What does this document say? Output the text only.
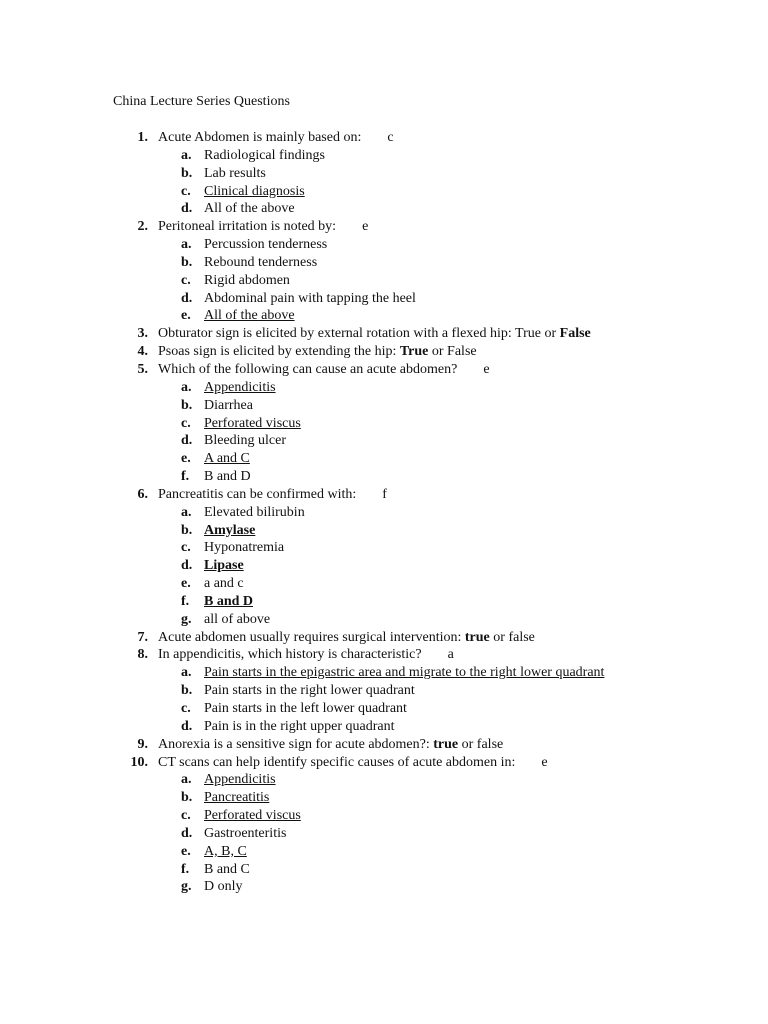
China Lecture Series Questions
1. Acute Abdomen is mainly based on: c
a. Radiological findings
b. Lab results
c. Clinical diagnosis
d. All of the above
2. Peritoneal irritation is noted by: e
a. Percussion tenderness
b. Rebound tenderness
c. Rigid abdomen
d. Abdominal pain with tapping the heel
e. All of the above
3. Obturator sign is elicited by external rotation with a flexed hip: True or False
4. Psoas sign is elicited by extending the hip: True or False
5. Which of the following can cause an acute abdomen? e
a. Appendicitis
b. Diarrhea
c. Perforated viscus
d. Bleeding ulcer
e. A and C
f. B and D
6. Pancreatitis can be confirmed with: f
a. Elevated bilirubin
b. Amylase
c. Hyponatremia
d. Lipase
e. a and c
f. B and D
g. all of above
7. Acute abdomen usually requires surgical intervention: true or false
8. In appendicitis, which history is characteristic? a
a. Pain starts in the epigastric area and migrate to the right lower quadrant
b. Pain starts in the right lower quadrant
c. Pain starts in the left lower quadrant
d. Pain is in the right upper quadrant
9. Anorexia is a sensitive sign for acute abdomen?: true or false
10. CT scans can help identify specific causes of acute abdomen in: e
a. Appendicitis
b. Pancreatitis
c. Perforated viscus
d. Gastroenteritis
e. A, B, C
f. B and C
g. D only
